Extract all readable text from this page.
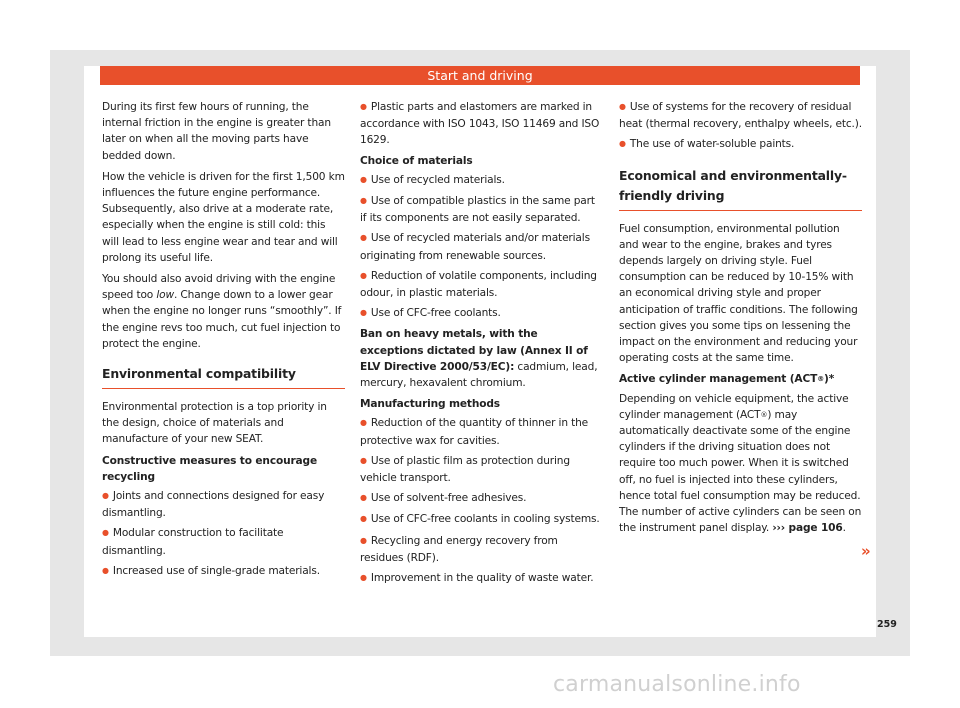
Start and driving

During its first few hours of running, the internal friction in the engine is greater than later on when all the moving parts have bedded down.

How the vehicle is driven for the first 1,500 km influences the future engine performance. Subsequently, also drive at a moderate rate, especially when the engine is still cold: this will lead to less engine wear and tear and will prolong its useful life.

You should also avoid driving with the engine speed too low. Change down to a lower gear when the engine no longer runs “smoothly”. If the engine revs too much, cut fuel injection to protect the engine.

Environmental compatibility

Environmental protection is a top priority in the design, choice of materials and manufacture of your new SEAT.

Constructive measures to encourage recycling

● Joints and connections designed for easy dismantling.

● Modular construction to facilitate dismantling.

● Increased use of single-grade materials.

● Plastic parts and elastomers are marked in accordance with ISO 1043, ISO 11469 and ISO 1629.

Choice of materials

● Use of recycled materials.

● Use of compatible plastics in the same part if its components are not easily separated.

● Use of recycled materials and/or materials originating from renewable sources.

● Reduction of volatile components, including odour, in plastic materials.

● Use of CFC-free coolants.

Ban on heavy metals, with the exceptions dictated by law (Annex II of ELV Directive 2000/53/EC): cadmium, lead, mercury, hexavalent chromium.

Manufacturing methods

● Reduction of the quantity of thinner in the protective wax for cavities.

● Use of plastic film as protection during vehicle transport.

● Use of solvent-free adhesives.

● Use of CFC-free coolants in cooling systems.

● Recycling and energy recovery from residues (RDF).

● Improvement in the quality of waste water.

● Use of systems for the recovery of residual heat (thermal recovery, enthalpy wheels, etc.).

● The use of water-soluble paints.

Economical and environmentally-friendly driving

Fuel consumption, environmental pollution and wear to the engine, brakes and tyres depends largely on driving style. Fuel consumption can be reduced by 10-15% with an economical driving style and proper anticipation of traffic conditions. The following section gives you some tips on lessening the impact on the environment and reducing your operating costs at the same time.

Active cylinder management (ACT®)*

Depending on vehicle equipment, the active cylinder management (ACT®) may automatically deactivate some of the engine cylinders if the driving situation does not require too much power. When it is switched off, no fuel is injected into these cylinders, hence total fuel consumption may be reduced. The number of active cylinders can be seen on the instrument panel display. ››› page 106.

»
259
carmanualsonline.info
